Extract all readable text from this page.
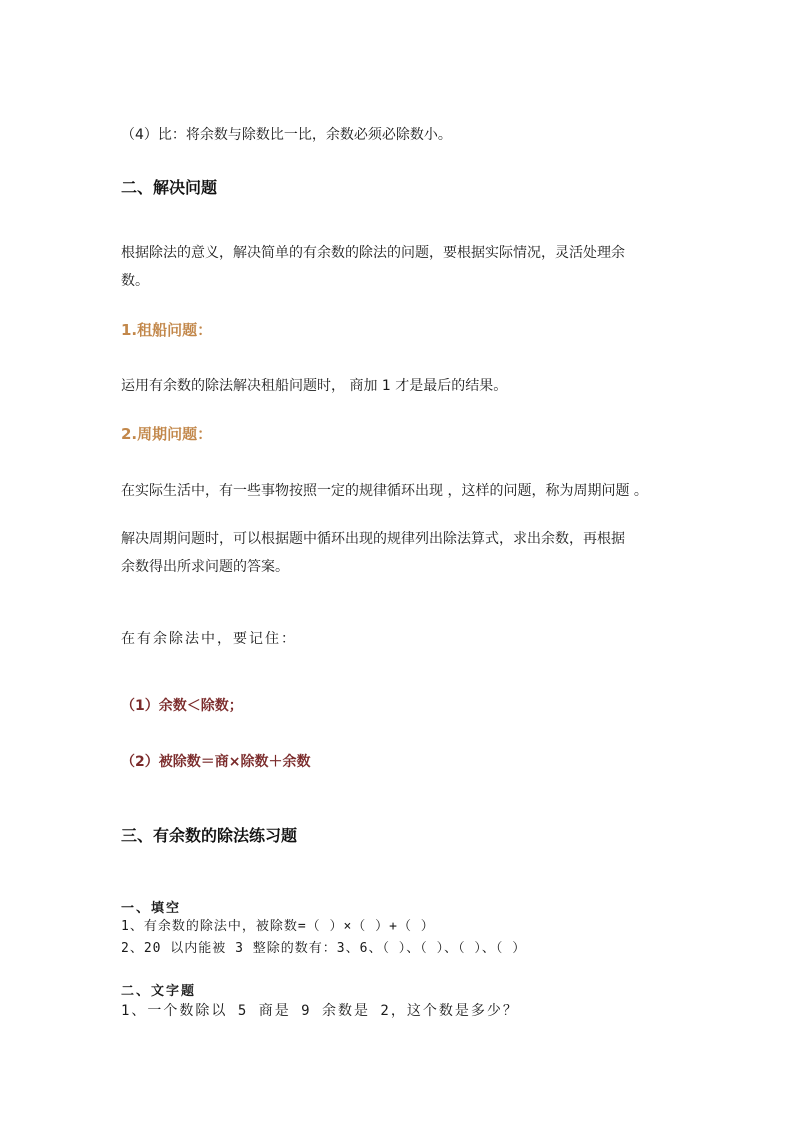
（4）比：将余数与除数比一比，余数必须必除数小。
二、解决问题
根据除法的意义，解决简单的有余数的除法的问题，要根据实际情况，灵活处理余
数。
1.租船问题：
运用有余数的除法解决租船问题时， 商加 1 才是最后的结果。
2.周期问题：
在实际生活中，有一些事物按照一定的规律循环出现 ，这样的问题，称为周期问题 。
解决周期问题时，可以根据题中循环出现的规律列出除法算式，求出余数，再根据
余数得出所求问题的答案。
在有余除法中，要记住：
（1）余数＜除数；
（2）被除数＝商×除数＋余数
三、有余数的除法练习题
一、填空
1、有余数的除法中，被除数=（ ）×（ ）+（ ）
2、20 以内能被 3 整除的数有：3、6、（ ）、（ ）、（ ）、（ ）
二、文字题
1、一个数除以 5 商是 9 余数是 2，这个数是多少？
